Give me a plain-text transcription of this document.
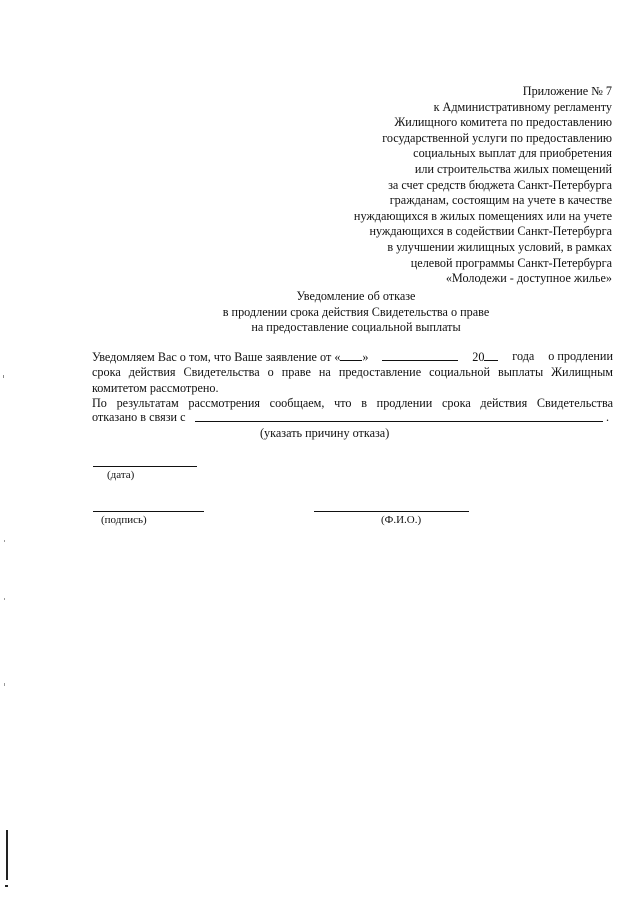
Приложение № 7
к Административному регламенту
Жилищного комитета по предоставлению
государственной услуги по предоставлению
социальных выплат для приобретения
или строительства жилых помещений
за счет средств бюджета Санкт-Петербурга
гражданам, состоящим на учете в качестве
нуждающихся в жилых помещениях или на учете
нуждающихся в содействии Санкт-Петербурга
в улучшении жилищных условий, в рамках
целевой программы Санкт-Петербурга
«Молодежи - доступное жилье»
Уведомление об отказе
в продлении срока действия Свидетельства о праве
на предоставление социальной выплаты
Уведомляем Вас о том, что Ваше заявление от « »	20	года о продлении
срока действия Свидетельства о праве на предоставление социальной выплаты Жилищным

комитетом рассмотрено.

По результатам рассмотрения сообщаем, что в продлении срока действия Свидетельства
отказано в связи с	.
(указать причину отказа)
(дата)
(подпись)	(Ф.И.О.)
